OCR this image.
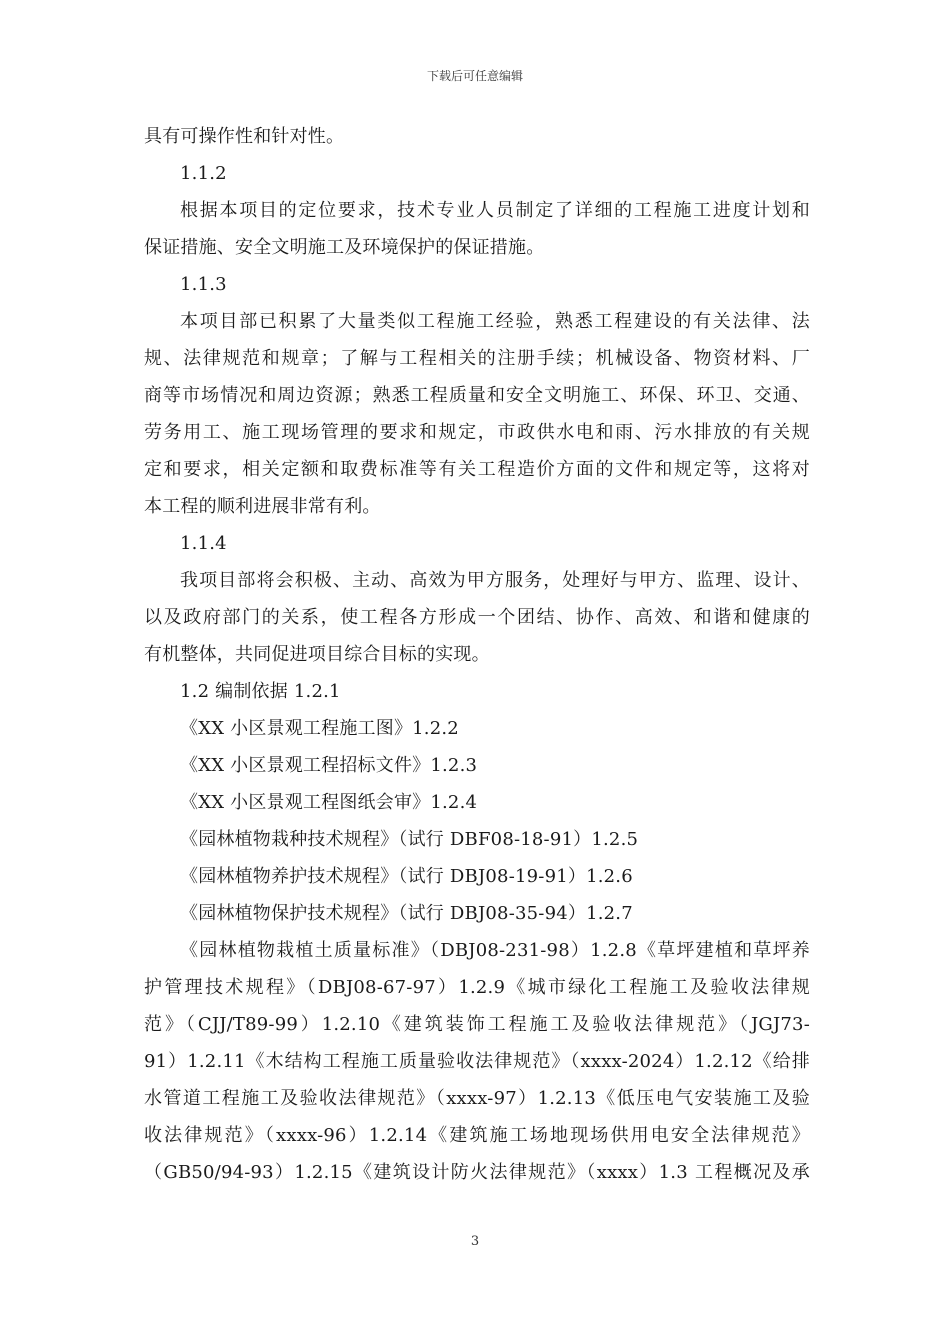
下载后可任意编辑
具有可操作性和针对性。
1.1.2
根据本项目的定位要求，技术专业人员制定了详细的工程施工进度计划和
保证措施、安全文明施工及环境保护的保证措施。
1.1.3
本项目部已积累了大量类似工程施工经验，熟悉工程建设的有关法律、法
规、法律规范和规章；了解与工程相关的注册手续；机械设备、物资材料、厂
商等市场情况和周边资源；熟悉工程质量和安全文明施工、环保、环卫、交通、
劳务用工、施工现场管理的要求和规定，市政供水电和雨、污水排放的有关规
定和要求，相关定额和取费标准等有关工程造价方面的文件和规定等，这将对
本工程的顺利进展非常有利。
1.1.4
我项目部将会积极、主动、高效为甲方服务，处理好与甲方、监理、设计、
以及政府部门的关系，使工程各方形成一个团结、协作、高效、和谐和健康的
有机整体，共同促进项目综合目标的实现。
1.2 编制依据 1.2.1
《XX 小区景观工程施工图》1.2.2
《XX 小区景观工程招标文件》1.2.3
《XX 小区景观工程图纸会审》1.2.4
《园林植物栽种技术规程》（试行 DBF08-18-91）1.2.5
《园林植物养护技术规程》（试行 DBJ08-19-91）1.2.6
《园林植物保护技术规程》（试行 DBJ08-35-94）1.2.7
《园林植物栽植土质量标准》（DBJ08-231-98）1.2.8《草坪建植和草坪养
护管理技术规程》（DBJ08-67-97）1.2.9《城市绿化工程施工及验收法律规
范》（CJJ/T89-99）1.2.10《建筑装饰工程施工及验收法律规范》（JGJ73-
91）1.2.11《木结构工程施工质量验收法律规范》（xxxx-2024）1.2.12《给排
水管道工程施工及验收法律规范》（xxxx-97）1.2.13《低压电气安装施工及验
收法律规范》（xxxx-96）1.2.14《建筑施工场地现场供用电安全法律规范》
（GB50/94-93）1.2.15《建筑设计防火法律规范》（xxxx）1.3 工程概况及承
3
